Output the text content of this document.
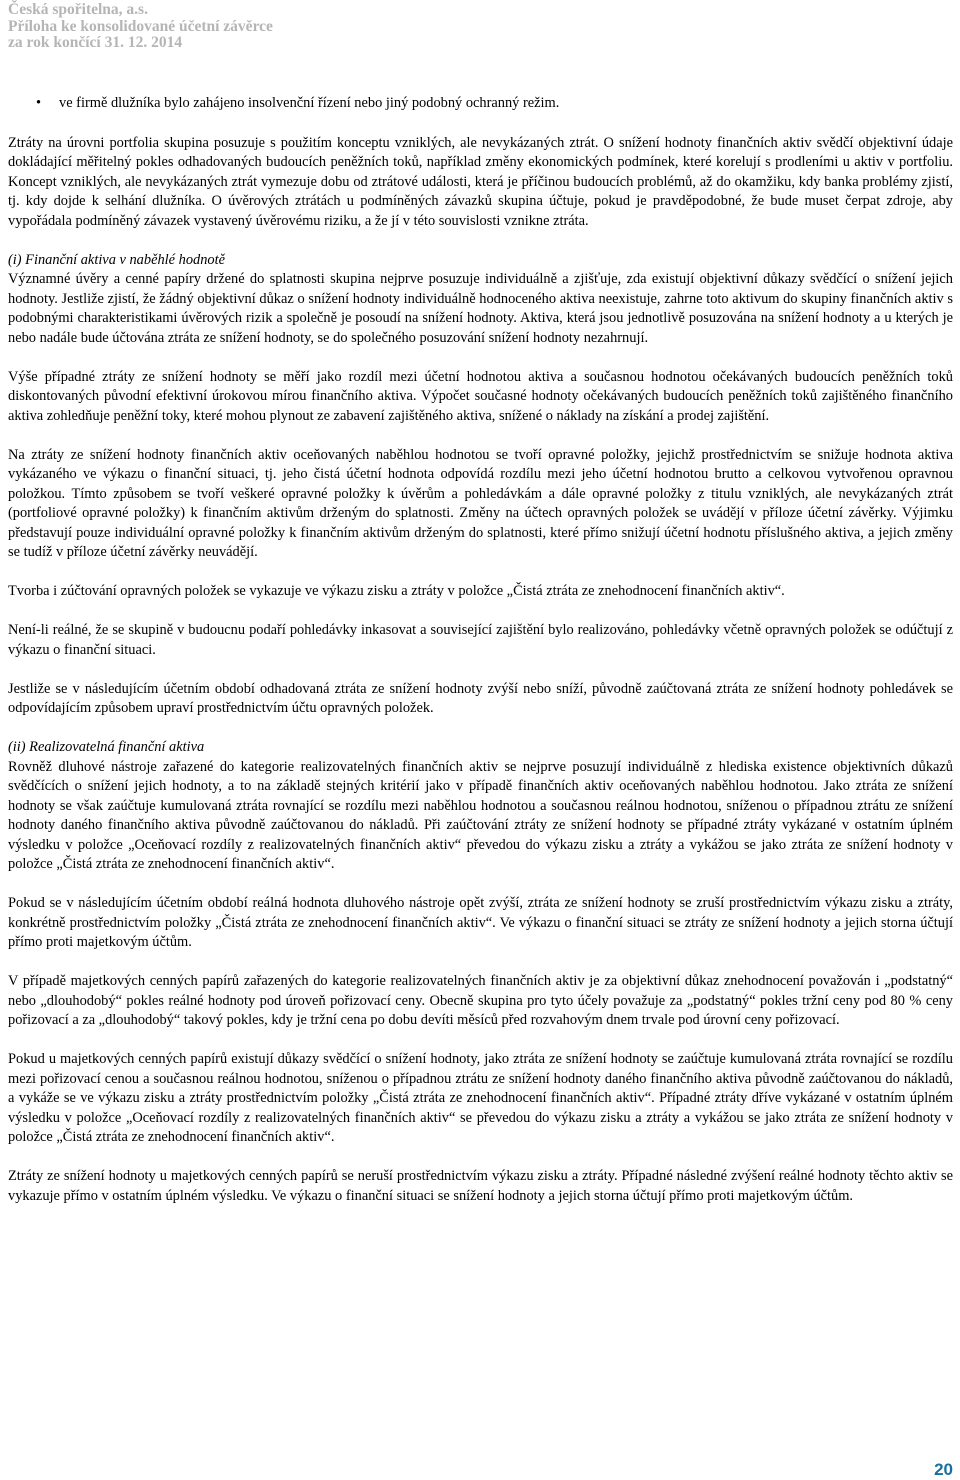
Česká spořitelna, a.s.
Příloha ke konsolidované účetní závěrce
za rok končící 31. 12. 2014
• ve firmě dlužníka bylo zahájeno insolvenční řízení nebo jiný podobný ochranný režim.

Ztráty na úrovni portfolia skupina posuzuje s použitím konceptu vzniklých, ale nevykázaných ztrát. O snížení hodnoty finančních aktiv svědčí objektivní údaje dokládající měřitelný pokles odhadovaných budoucích peněžních toků, například změny ekonomických podmínek, které korelují s prodleními u aktiv v portfoliu. Koncept vzniklých, ale nevykázaných ztrát vymezuje dobu od ztrátové události, která je příčinou budoucích problémů, až do okamžiku, kdy banka problémy zjistí, tj. kdy dojde k selhání dlužníka. O úvěrových ztrátách u podmíněných závazků skupina účtuje, pokud je pravděpodobné, že bude muset čerpat zdroje, aby vypořádala podmíněný závazek vystavený úvěrovému riziku, a že jí v této souvislosti vznikne ztráta.

(i) Finanční aktiva v naběhlé hodnotě
Významné úvěry a cenné papíry držené do splatnosti skupina nejprve posuzuje individuálně a zjišťuje, zda existují objektivní důkazy svědčící o snížení jejich hodnoty. Jestliže zjistí, že žádný objektivní důkaz o snížení hodnoty individuálně hodnoceného aktiva neexistuje, zahrne toto aktivum do skupiny finančních aktiv s podobnými charakteristikami úvěrových rizik a společně je posoudí na snížení hodnoty. Aktiva, která jsou jednotlivě posuzována na snížení hodnoty a u kterých je nebo nadále bude účtována ztráta ze snížení hodnoty, se do společného posuzování snížení hodnoty nezahrnují.

Výše případné ztráty ze snížení hodnoty se měří jako rozdíl mezi účetní hodnotou aktiva a současnou hodnotou očekávaných budoucích peněžních toků diskontovaných původní efektivní úrokovou mírou finančního aktiva. Výpočet současné hodnoty očekávaných budoucích peněžních toků zajištěného finančního aktiva zohledňuje peněžní toky, které mohou plynout ze zabavení zajištěného aktiva, snížené o náklady na získání a prodej zajištění.

Na ztráty ze snížení hodnoty finančních aktiv oceňovaných naběhlou hodnotou se tvoří opravné položky, jejichž prostřednictvím se snižuje hodnota aktiva vykázaného ve výkazu o finanční situaci, tj. jeho čistá účetní hodnota odpovídá rozdílu mezi jeho účetní hodnotou brutto a celkovou vytvořenou opravnou položkou. Tímto způsobem se tvoří veškeré opravné položky k úvěrům a pohledávkám a dále opravné položky z titulu vzniklých, ale nevykázaných ztrát (portfoliové opravné položky) k finančním aktivům drženým do splatnosti. Změny na účtech opravných položek se uvádějí v příloze účetní závěrky. Výjimku představují pouze individuální opravné položky k finančním aktivům drženým do splatnosti, které přímo snižují účetní hodnotu příslušného aktiva, a jejich změny se tudíž v příloze účetní závěrky neuvádějí.

Tvorba i zúčtování opravných položek se vykazuje ve výkazu zisku a ztráty v položce „Čistá ztráta ze znehodnocení finančních aktiv“.

Není-li reálné, že se skupině v budoucnu podaří pohledávky inkasovat a související zajištění bylo realizováno, pohledávky včetně opravných položek se odúčtují z výkazu o finanční situaci.

Jestliže se v následujícím účetním období odhadovaná ztráta ze snížení hodnoty zvýší nebo sníží, původně zaúčtovaná ztráta ze snížení hodnoty pohledávek se odpovídajícím způsobem upraví prostřednictvím účtu opravných položek.

(ii) Realizovatelná finanční aktiva
Rovněž dluhové nástroje zařazené do kategorie realizovatelných finančních aktiv se nejprve posuzují individuálně z hlediska existence objektivních důkazů svědčících o snížení jejich hodnoty, a to na základě stejných kritérií jako v případě finančních aktiv oceňovaných naběhlou hodnotou. Jako ztráta ze snížení hodnoty se však zaúčtuje kumulovaná ztráta rovnající se rozdílu mezi naběhlou hodnotou a současnou reálnou hodnotou, sníženou o případnou ztrátu ze snížení hodnoty daného finančního aktiva původně zaúčtovanou do nákladů. Při zaúčtování ztráty ze snížení hodnoty se případné ztráty vykázané v ostatním úplném výsledku v položce „Oceňovací rozdíly z realizovatelných finančních aktiv“ převedou do výkazu zisku a ztráty a vykážou se jako ztráta ze snížení hodnoty v položce „Čistá ztráta ze znehodnocení finančních aktiv“.

Pokud se v následujícím účetním období reálná hodnota dluhového nástroje opět zvýší, ztráta ze snížení hodnoty se zruší prostřednictvím výkazu zisku a ztráty, konkrétně prostřednictvím položky „Čistá ztráta ze znehodnocení finančních aktiv“. Ve výkazu o finanční situaci se ztráty ze snížení hodnoty a jejich storna účtují přímo proti majetkovým účtům.

V případě majetkových cenných papírů zařazených do kategorie realizovatelných finančních aktiv je za objektivní důkaz znehodnocení považován i „podstatný“ nebo „dlouhodobý“ pokles reálné hodnoty pod úroveň pořizovací ceny. Obecně skupina pro tyto účely považuje za „podstatný“ pokles tržní ceny pod 80 % ceny pořizovací a za „dlouhodobý“ takový pokles, kdy je tržní cena po dobu devíti měsíců před rozvahovým dnem trvale pod úrovní ceny pořizovací.

Pokud u majetkových cenných papírů existují důkazy svědčící o snížení hodnoty, jako ztráta ze snížení hodnoty se zaúčtuje kumulovaná ztráta rovnající se rozdílu mezi pořizovací cenou a současnou reálnou hodnotou, sníženou o případnou ztrátu ze snížení hodnoty daného finančního aktiva původně zaúčtovanou do nákladů, a vykáže se ve výkazu zisku a ztráty prostřednictvím položky „Čistá ztráta ze znehodnocení finančních aktiv“. Případné ztráty dříve vykázané v ostatním úplném výsledku v položce „Oceňovací rozdíly z realizovatelných finančních aktiv“ se převedou do výkazu zisku a ztráty a vykážou se jako ztráta ze snížení hodnoty v položce „Čistá ztráta ze znehodnocení finančních aktiv“.

Ztráty ze snížení hodnoty u majetkových cenných papírů se neruší prostřednictvím výkazu zisku a ztráty. Případné následné zvýšení reálné hodnoty těchto aktiv se vykazuje přímo v ostatním úplném výsledku. Ve výkazu o finanční situaci se snížení hodnoty a jejich storna účtují přímo proti majetkovým účtům.

20
